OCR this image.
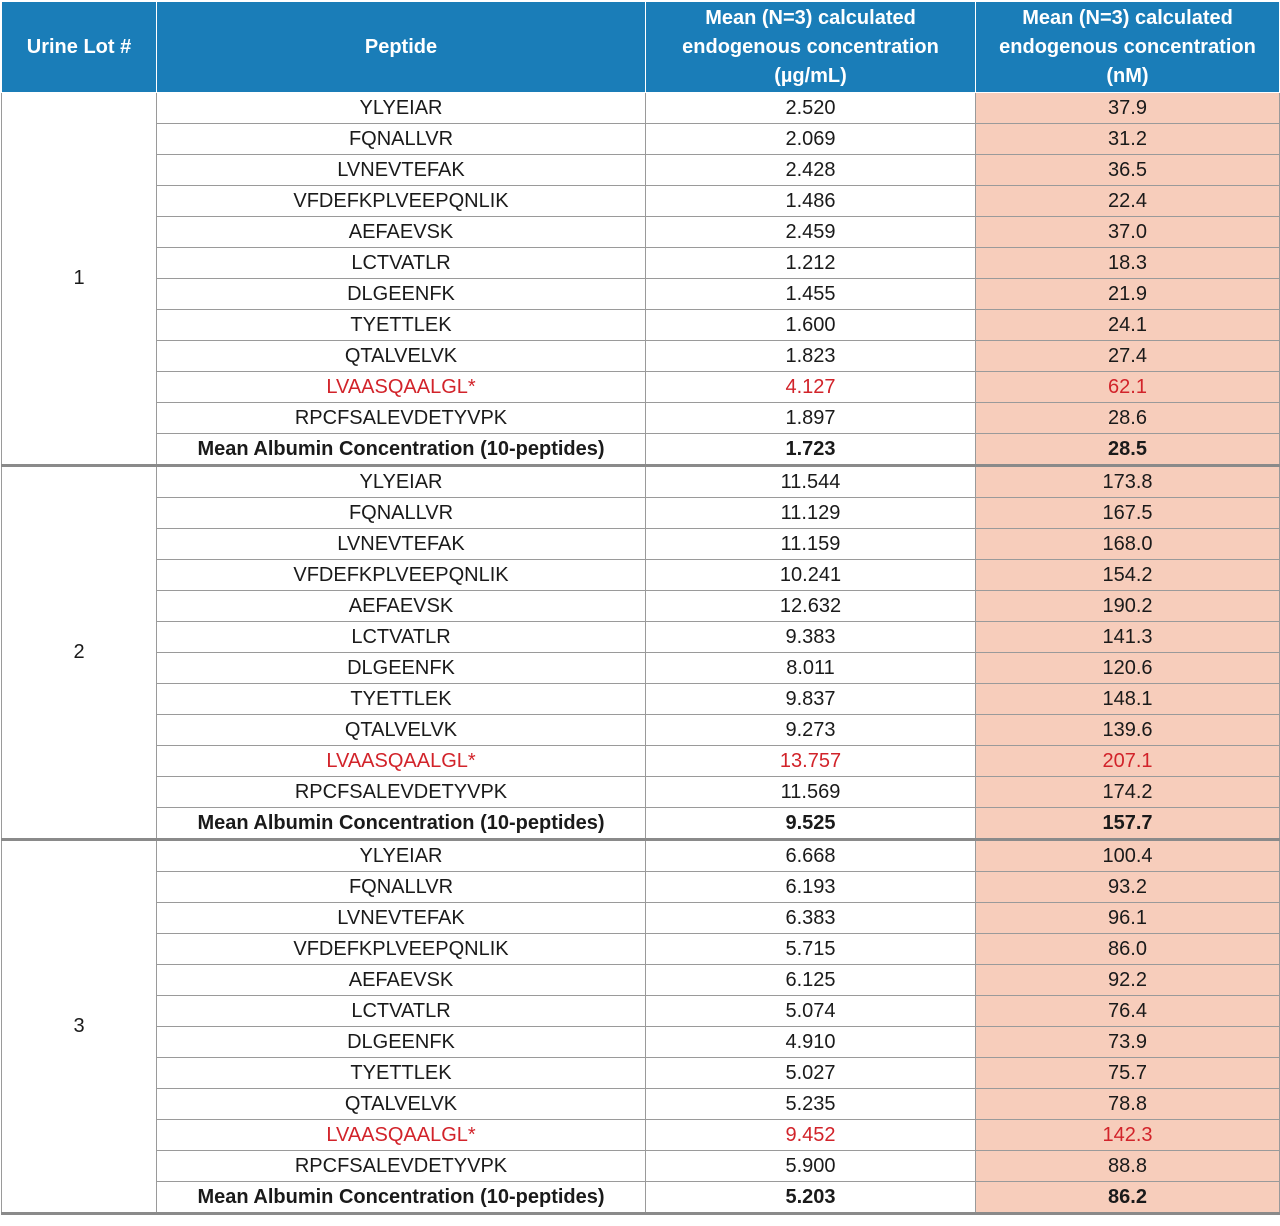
Urine Lot #	Peptide	Mean (N=3) calculated endogenous concentration (µg/mL)	Mean (N=3) calculated endogenous concentration (nM)
1	YLYEIAR	2.520	37.9
	FQNALLVR	2.069	31.2
	LVNEVTEFAK	2.428	36.5
	VFDEFKPLVEEPQNLIK	1.486	22.4
	AEFAEVSK	2.459	37.0
	LCTVATLR	1.212	18.3
	DLGEENFK	1.455	21.9
	TYETTLEK	1.600	24.1
	QTALVELVK	1.823	27.4
	LVAASQAALGL*	4.127	62.1
	RPCFSALEVDETYVPK	1.897	28.6
	Mean Albumin Concentration (10-peptides)	1.723	28.5
2	YLYEIAR	11.544	173.8
	FQNALLVR	11.129	167.5
	LVNEVTEFAK	11.159	168.0
	VFDEFKPLVEEPQNLIK	10.241	154.2
	AEFAEVSK	12.632	190.2
	LCTVATLR	9.383	141.3
	DLGEENFK	8.011	120.6
	TYETTLEK	9.837	148.1
	QTALVELVK	9.273	139.6
	LVAASQAALGL*	13.757	207.1
	RPCFSALEVDETYVPK	11.569	174.2
	Mean Albumin Concentration (10-peptides)	9.525	157.7
3	YLYEIAR	6.668	100.4
	FQNALLVR	6.193	93.2
	LVNEVTEFAK	6.383	96.1
	VFDEFKPLVEEPQNLIK	5.715	86.0
	AEFAEVSK	6.125	92.2
	LCTVATLR	5.074	76.4
	DLGEENFK	4.910	73.9
	TYETTLEK	5.027	75.7
	QTALVELVK	5.235	78.8
	LVAASQAALGL*	9.452	142.3
	RPCFSALEVDETYVPK	5.900	88.8
	Mean Albumin Concentration (10-peptides)	5.203	86.2
